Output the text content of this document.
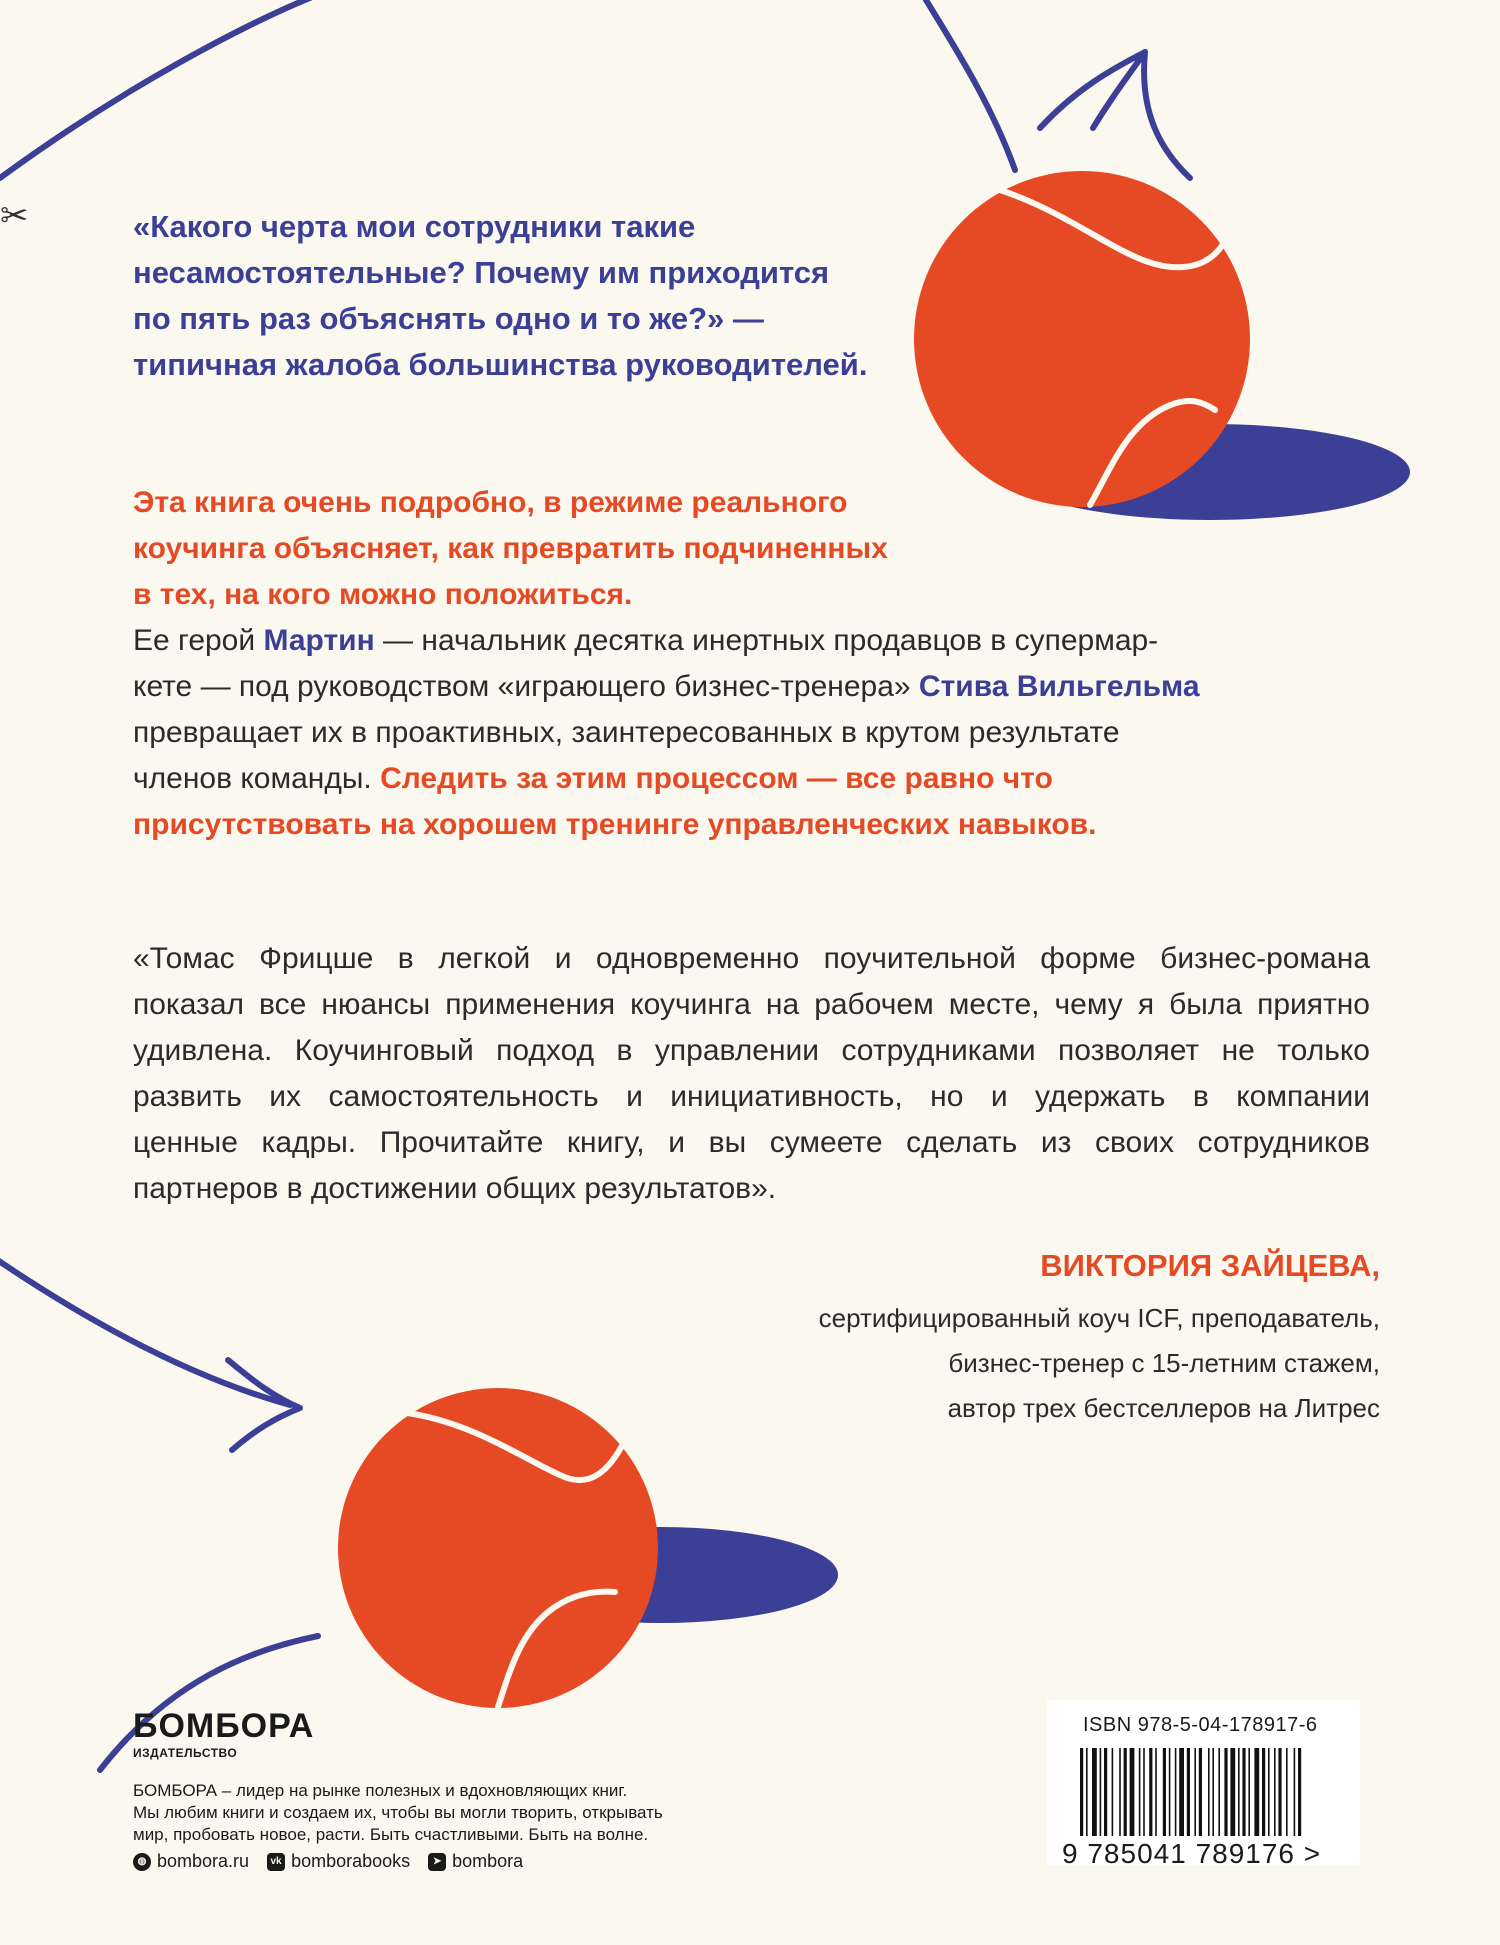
✂	«Какого черта мои сотрудники такие
несамостоятельные? Почему им приходится
по пять раз объяснять одно и то же?» —
типичная жалоба большинства руководителей.
Эта книга очень подробно, в режиме реального
коучинга объясняет, как превратить подчиненных
в тех, на кого можно положиться.
Ее герой Мартин — начальник десятка инертных продавцов в супермар-
кете — под руководством «играющего бизнес-тренера» Стива Вильгельма
превращает их в проактивных, заинтересованных в крутом результате
членов команды. Следить за этим процессом — все равно что
присутствовать на хорошем тренинге управленческих навыков.
«Томас Фрицше в легкой и одновременно поучительной форме бизнес-романа
показал все нюансы применения коучинга на рабочем месте, чему я была приятно
удивлена. Коучинговый подход в управлении сотрудниками позволяет не только
развить их самостоятельность и инициативность, но и удержать в компании
ценные кадры. Прочитайте книгу, и вы сумеете сделать из своих сотрудников
партнеров в достижении общих результатов».
ВИКТОРИЯ ЗАЙЦЕВА,
сертифицированный коуч ICF, преподаватель,
бизнес-тренер с 15-летним стажем,
автор трех бестселлеров на Литрес
БОМБОРА
ИЗДАТЕЛЬСТВО
БОМБОРА – лидер на рынке полезных и вдохновляющих книг.
Мы любим книги и создаем их, чтобы вы могли творить, открывать
мир, пробовать новое, расти. Быть счастливыми. Быть на волне.
◍ bombora.ru	vk bomborabooks	➤ bombora
ISBN 978-5-04-178917-6
9 785041 789176 >
